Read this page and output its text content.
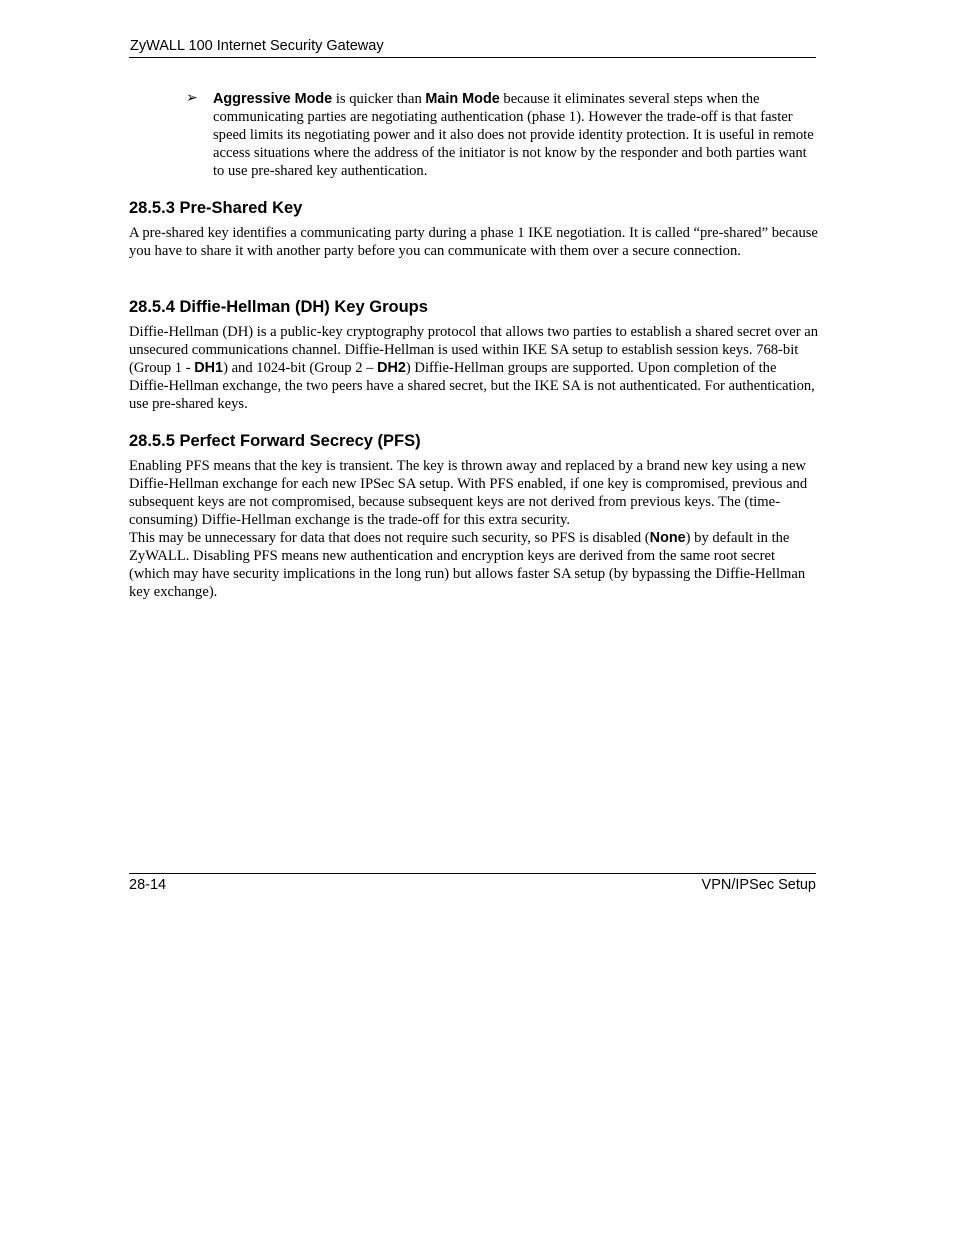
ZyWALL 100 Internet Security Gateway
➢ Aggressive Mode is quicker than Main Mode because it eliminates several steps when the communicating parties are negotiating authentication (phase 1). However the trade-off is that faster speed limits its negotiating power and it also does not provide identity protection. It is useful in remote access situations where the address of the initiator is not know by the responder and both parties want to use pre-shared key authentication.

28.5.3 Pre-Shared Key

A pre-shared key identifies a communicating party during a phase 1 IKE negotiation. It is called “pre-shared” because you have to share it with another party before you can communicate with them over a secure connection.

28.5.4 Diffie-Hellman (DH) Key Groups

Diffie-Hellman (DH) is a public-key cryptography protocol that allows two parties to establish a shared secret over an unsecured communications channel. Diffie-Hellman is used within IKE SA setup to establish session keys. 768-bit (Group 1 - DH1) and 1024-bit (Group 2 – DH2) Diffie-Hellman groups are supported. Upon completion of the Diffie-Hellman exchange, the two peers have a shared secret, but the IKE SA is not authenticated. For authentication, use pre-shared keys.

28.5.5 Perfect Forward Secrecy (PFS)

Enabling PFS means that the key is transient. The key is thrown away and replaced by a brand new key using a new Diffie-Hellman exchange for each new IPSec SA setup. With PFS enabled, if one key is compromised, previous and subsequent keys are not compromised, because subsequent keys are not derived from previous keys. The (time-consuming) Diffie-Hellman exchange is the trade-off for this extra security.

This may be unnecessary for data that does not require such security, so PFS is disabled (None) by default in the ZyWALL. Disabling PFS means new authentication and encryption keys are derived from the same root secret (which may have security implications in the long run) but allows faster SA setup (by bypassing the Diffie-Hellman key exchange).

28-14	VPN/IPSec Setup
